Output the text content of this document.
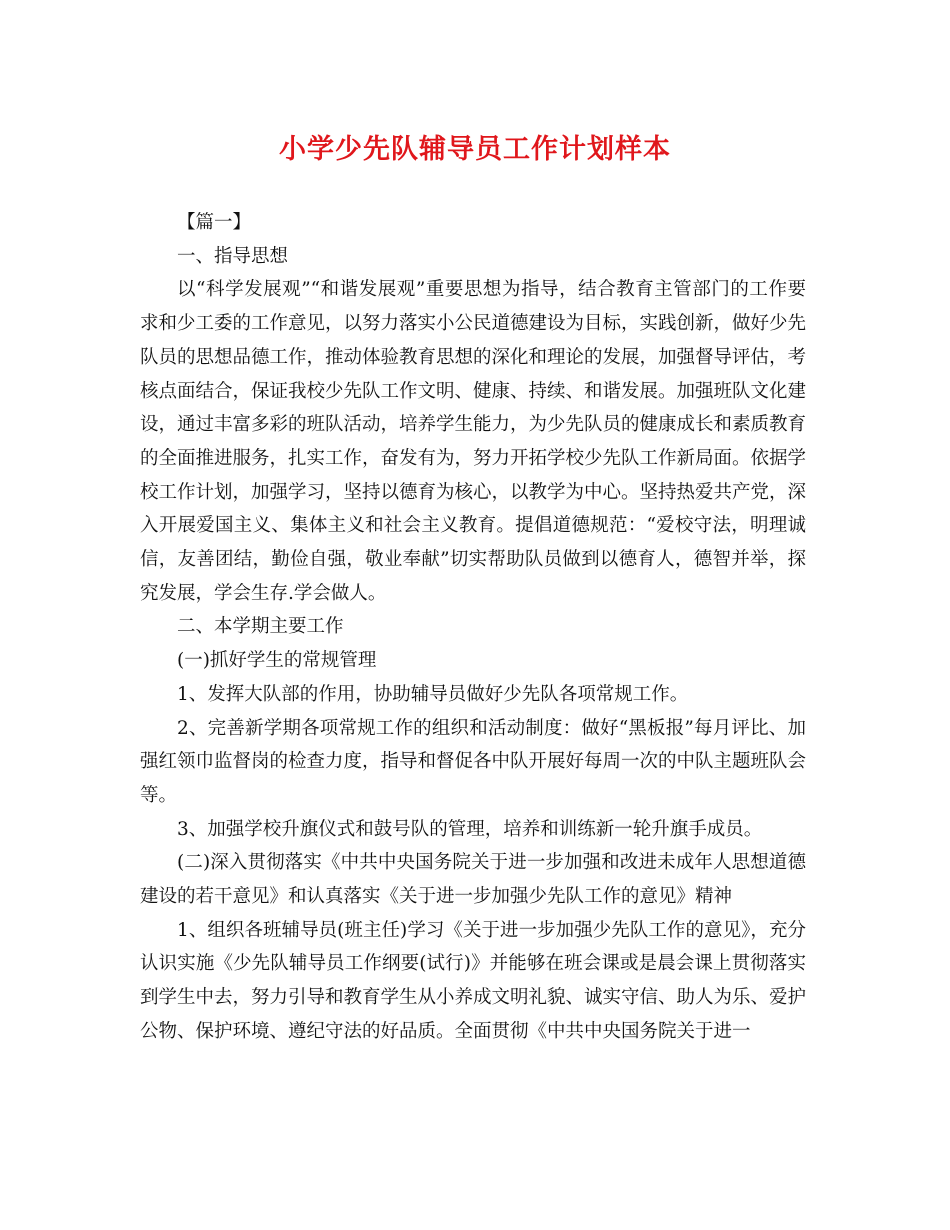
小学少先队辅导员工作计划样本

【篇一】

一、指导思想

以“科学发展观”“和谐发展观”重要思想为指导，结合教育主管部门的工作要求和少工委的工作意见，以努力落实小公民道德建设为目标，实践创新，做好少先队员的思想品德工作，推动体验教育思想的深化和理论的发展，加强督导评估，考核点面结合，保证我校少先队工作文明、健康、持续、和谐发展。加强班队文化建设，通过丰富多彩的班队活动，培养学生能力，为少先队员的健康成长和素质教育的全面推进服务，扎实工作，奋发有为，努力开拓学校少先队工作新局面。依据学校工作计划，加强学习，坚持以德育为核心，以教学为中心。坚持热爱共产党，深入开展爱国主义、集体主义和社会主义教育。提倡道德规范：“爱校守法，明理诚信，友善团结，勤俭自强，敬业奉献”切实帮助队员做到以德育人，德智并举，探究发展，学会生存.学会做人。

二、本学期主要工作

(一)抓好学生的常规管理

1、发挥大队部的作用，协助辅导员做好少先队各项常规工作。

2、完善新学期各项常规工作的组织和活动制度：做好“黑板报”每月评比、加强红领巾监督岗的检查力度，指导和督促各中队开展好每周一次的中队主题班队会等。

3、加强学校升旗仪式和鼓号队的管理，培养和训练新一轮升旗手成员。

(二)深入贯彻落实《中共中央国务院关于进一步加强和改进未成年人思想道德建设的若干意见》和认真落实《关于进一步加强少先队工作的意见》精神

1、组织各班辅导员(班主任)学习《关于进一步加强少先队工作的意见》，充分认识实施《少先队辅导员工作纲要(试行)》并能够在班会课或是晨会课上贯彻落实到学生中去，努力引导和教育学生从小养成文明礼貌、诚实守信、助人为乐、爱护公物、保护环境、遵纪守法的好品质。全面贯彻《中共中央国务院关于进一
